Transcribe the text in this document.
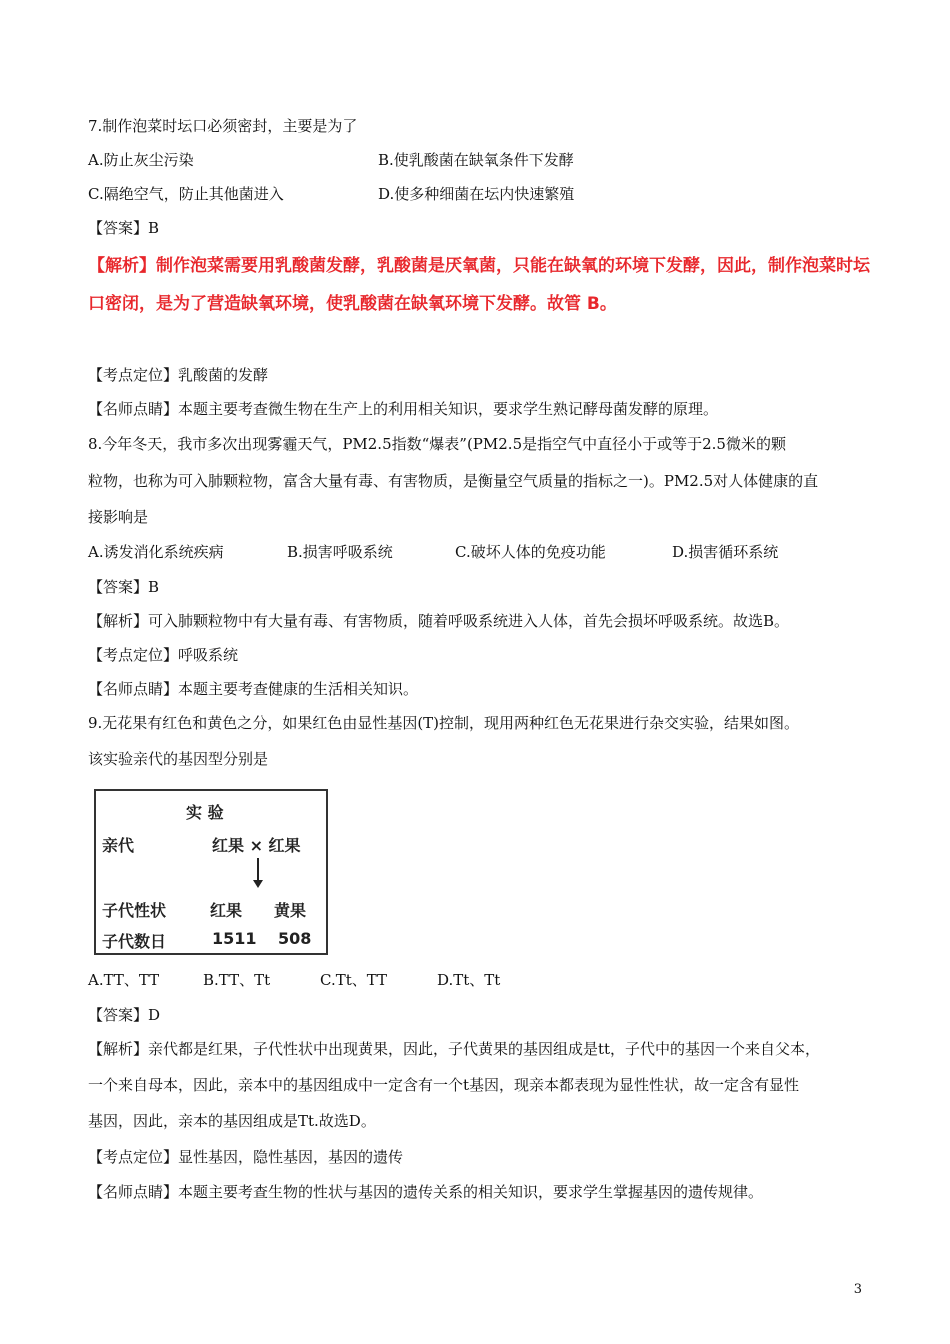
7.制作泡菜时坛口必须密封，主要是为了
A.防止灰尘污染	B.使乳酸菌在缺氧条件下发酵
C.隔绝空气，防止其他菌进入	D.使多种细菌在坛内快速繁殖
【答案】B
【解析】制作泡菜需要用乳酸菌发酵，乳酸菌是厌氧菌，只能在缺氧的环境下发酵，因此，制作泡菜时坛
口密闭，是为了营造缺氧环境，使乳酸菌在缺氧环境下发酵。故管 B。
【考点定位】乳酸菌的发酵
【名师点睛】本题主要考查微生物在生产上的利用相关知识，要求学生熟记酵母菌发酵的原理。
8.今年冬天，我市多次出现雾霾天气，PM2.5指数“爆表”(PM2.5是指空气中直径小于或等于2.5微米的颗
粒物，也称为可入肺颗粒物，富含大量有毒、有害物质，是衡量空气质量的指标之一)。PM2.5对人体健康的直
接影响是
A.诱发消化系统疾病	B.损害呼吸系统	C.破坏人体的免疫功能	D.损害循环系统
【答案】B
【解析】可入肺颗粒物中有大量有毒、有害物质，随着呼吸系统进入人体，首先会损坏呼吸系统。故选B。
【考点定位】呼吸系统
【名师点睛】本题主要考查健康的生活相关知识。
9.无花果有红色和黄色之分，如果红色由显性基因(T)控制，现用两种红色无花果进行杂交实验，结果如图。
该实验亲代的基因型分别是
实 验
亲代	红果 × 红果
子代性状	红果 黄果
子代数日	1511 508
A.TT、TT	B.TT、Tt	C.Tt、TT	D.Tt、Tt
【答案】D
【解析】亲代都是红果，子代性状中出现黄果，因此，子代黄果的基因组成是tt，子代中的基因一个来自父本，
一个来自母本，因此，亲本中的基因组成中一定含有一个t基因，现亲本都表现为显性性状，故一定含有显性
基因，因此，亲本的基因组成是Tt.故选D。
【考点定位】显性基因，隐性基因，基因的遗传
【名师点睛】本题主要考查生物的性状与基因的遗传关系的相关知识，要求学生掌握基因的遗传规律。
3
